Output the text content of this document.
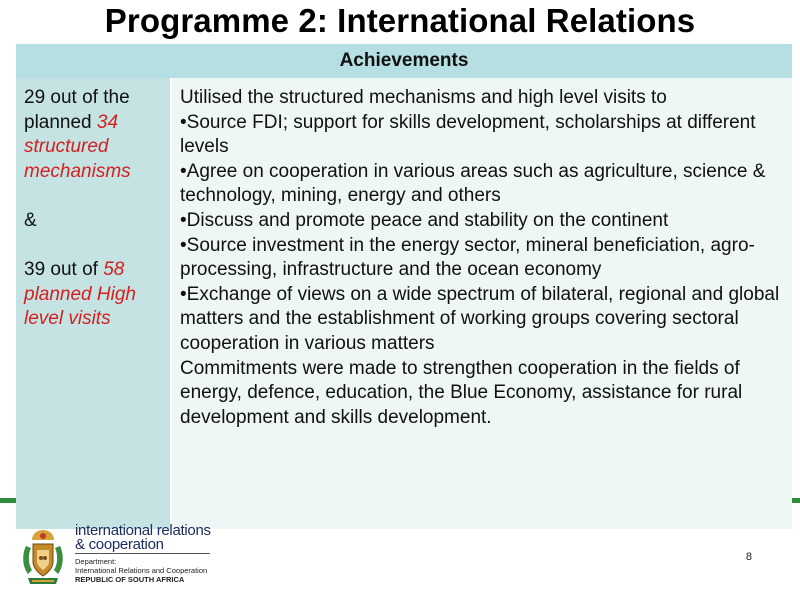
Programme 2: International Relations
Achievements

29 out of the planned 34 structured mechanisms

&

39 out of 58 planned High level visits

Utilised the structured mechanisms and high level visits to
•Source FDI; support for skills development, scholarships at different levels
•Agree on cooperation in various areas such as agriculture, science & technology, mining, energy and others
•Discuss and promote peace and stability on the continent
•Source investment in the energy sector, mineral beneficiation, agro-processing, infrastructure and the ocean economy
•Exchange of views on a wide spectrum of bilateral, regional and global matters and the establishment of working groups covering sectoral cooperation in various matters
Commitments were made to strengthen cooperation in the fields of energy, defence, education, the Blue Economy, assistance for rural development and skills development.
international relations
& cooperation
Department:
International Relations and Cooperation
REPUBLIC OF SOUTH AFRICA
8
